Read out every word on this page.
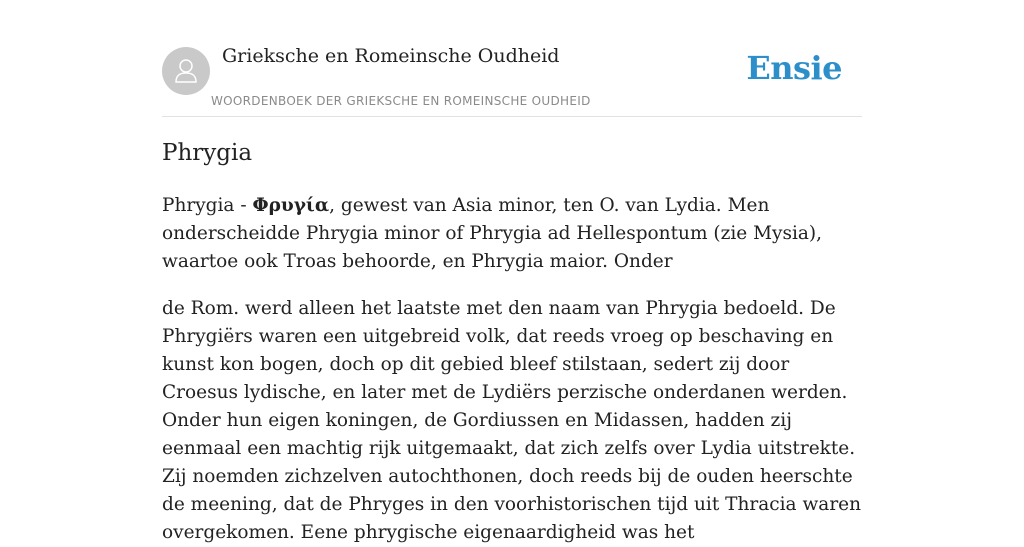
Grieksche en Romeinsche Oudheid
WOORDENBOEK DER GRIEKSCHE EN ROMEINSCHE OUDHEID
Ensie
Phrygia

Phrygia - Φρυγία, gewest van Asia minor, ten O. van Lydia. Men onderscheidde Phrygia minor of Phrygia ad Hellespontum (zie Mysia), waartoe ook Troas behoorde, en Phrygia maior. Onder

de Rom. werd alleen het laatste met den naam van Phrygia bedoeld. De Phrygiërs waren een uitgebreid volk, dat reeds vroeg op beschaving en kunst kon bogen, doch op dit gebied bleef stilstaan, sedert zij door Croesus lydische, en later met de Lydiërs perzische onderdanen werden. Onder hun eigen koningen, de Gordiussen en Midassen, hadden zij eenmaal een machtig rijk uitgemaakt, dat zich zelfs over Lydia uitstrekte. Zij noemden zichzelven autochthonen, doch reeds bij de ouden heerschte de meening, dat de Phryges in den voorhistorischen tijd uit Thracia waren overgekomen. Eene phrygische eigenaardigheid was het
